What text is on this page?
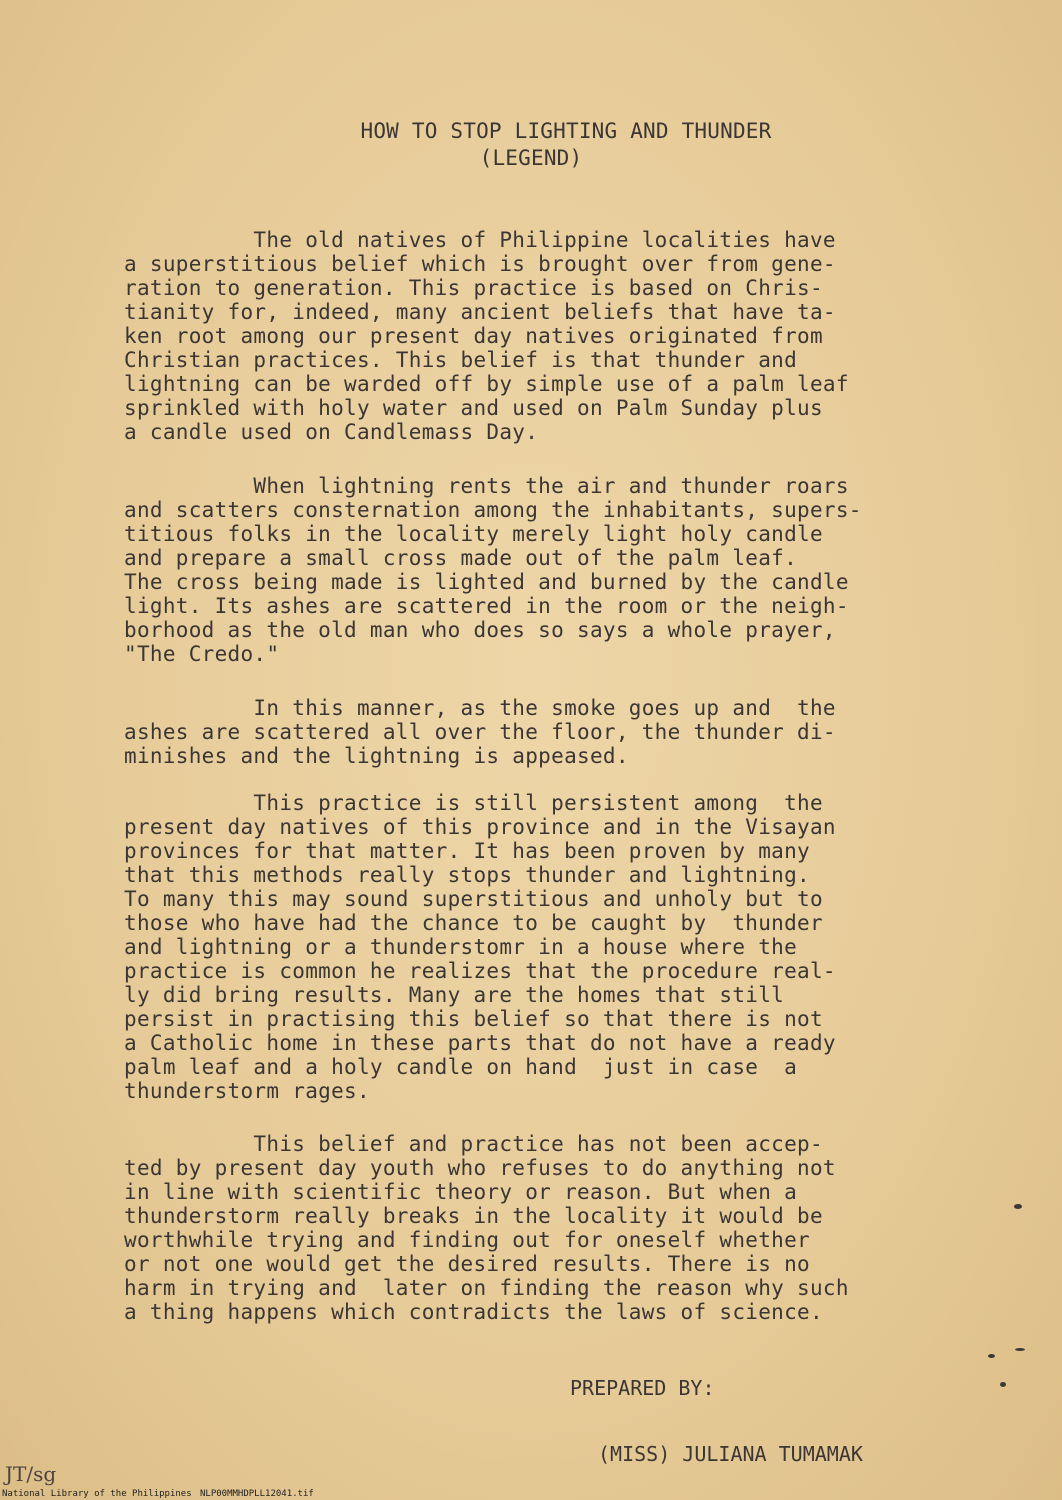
HOW TO STOP LIGHTING AND THUNDER
(LEGEND)
The old natives of Philippine localities have
a superstitious belief which is brought over from gene-
ration to generation. This practice is based on Chris-
tianity for, indeed, many ancient beliefs that have ta-
ken root among our present day natives originated from
Christian practices. This belief is that thunder and
lightning can be warded off by simple use of a palm leaf
sprinkled with holy water and used on Palm Sunday plus
a candle used on Candlemass Day.
When lightning rents the air and thunder roars
and scatters consternation among the inhabitants, supers-
titious folks in the locality merely light holy candle
and prepare a small cross made out of the palm leaf.
The cross being made is lighted and burned by the candle
light. Its ashes are scattered in the room or the neigh-
borhood as the old man who does so says a whole prayer,
"The Credo."
In this manner, as the smoke goes up and  the
ashes are scattered all over the floor, the thunder di-
minishes and the lightning is appeased.
This practice is still persistent among  the
present day natives of this province and in the Visayan
provinces for that matter. It has been proven by many
that this methods really stops thunder and lightning.
To many this may sound superstitious and unholy but to
those who have had the chance to be caught by  thunder
and lightning or a thunderstomr in a house where the
practice is common he realizes that the procedure real-
ly did bring results. Many are the homes that still
persist in practising this belief so that there is not
a Catholic home in these parts that do not have a ready
palm leaf and a holy candle on hand  just in case  a
thunderstorm rages.
This belief and practice has not been accep-
ted by present day youth who refuses to do anything not
in line with scientific theory or reason. But when a
thunderstorm really breaks in the locality it would be
worthwhile trying and finding out for oneself whether
or not one would get the desired results. There is no
harm in trying and  later on finding the reason why such
a thing happens which contradicts the laws of science.
PREPARED BY:
(MISS) JULIANA TUMAMAK
JT/sg
National Library of the Philippines NLP00MMHDPLL12041.tif
